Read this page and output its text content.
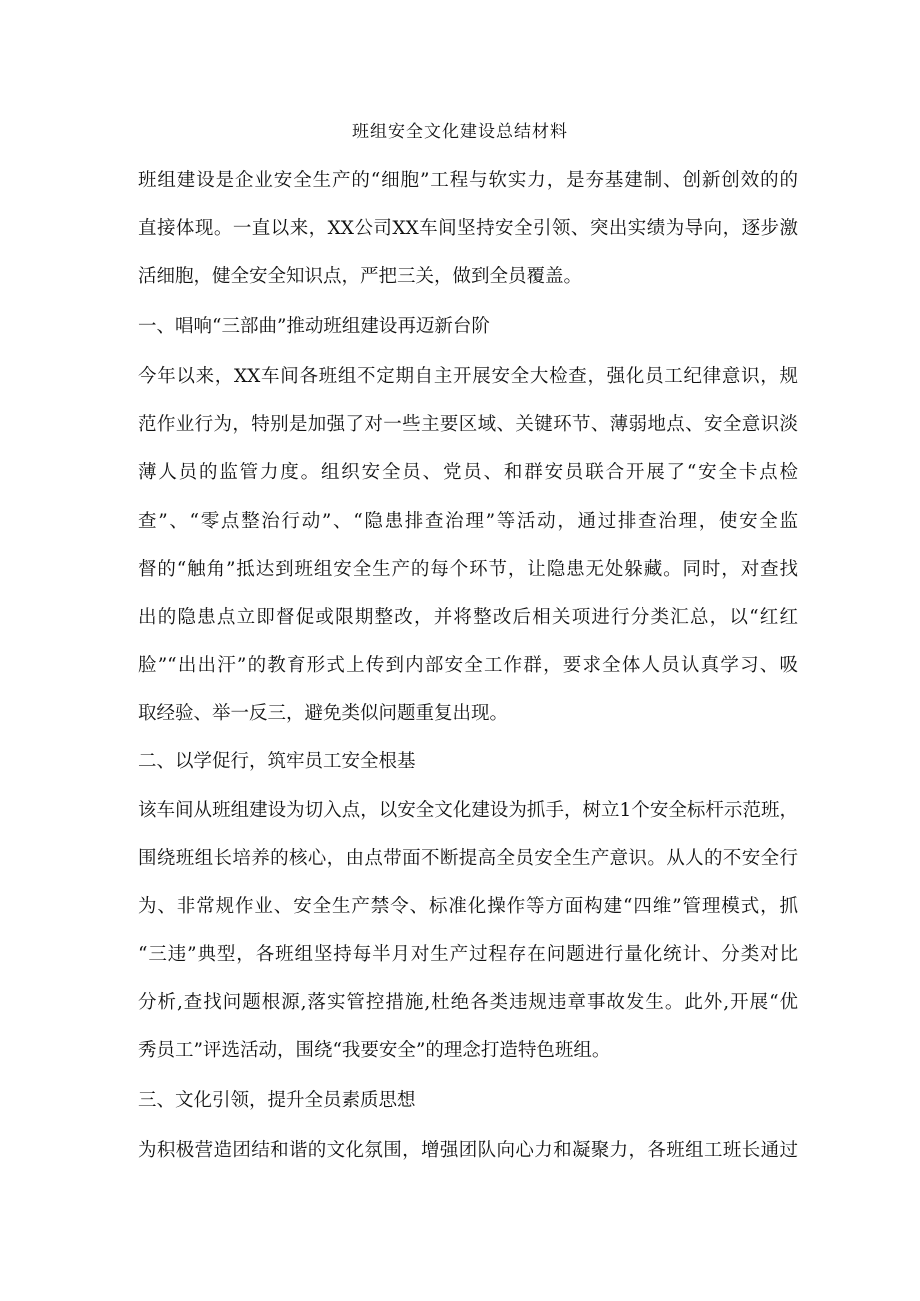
班组安全文化建设总结材料
班组建设是企业安全生产的“细胞”工程与软实力，是夯基建制、创新创效的的
直接体现。一直以来，XX公司XX车间坚持安全引领、突出实绩为导向，逐步激
活细胞，健全安全知识点，严把三关，做到全员覆盖。
一、唱响“三部曲”推动班组建设再迈新台阶
今年以来，XX车间各班组不定期自主开展安全大检查，强化员工纪律意识，规
范作业行为，特别是加强了对一些主要区域、关键环节、薄弱地点、安全意识淡
薄人员的监管力度。组织安全员、党员、和群安员联合开展了“安全卡点检
查”、“零点整治行动”、“隐患排查治理”等活动，通过排查治理，使安全监
督的“触角”抵达到班组安全生产的每个环节，让隐患无处躲藏。同时，对查找
出的隐患点立即督促或限期整改，并将整改后相关项进行分类汇总，以“红红
脸”“出出汗”的教育形式上传到内部安全工作群，要求全体人员认真学习、吸
取经验、举一反三，避免类似问题重复出现。
二、以学促行，筑牢员工安全根基
该车间从班组建设为切入点，以安全文化建设为抓手，树立1个安全标杆示范班，
围绕班组长培养的核心，由点带面不断提高全员安全生产意识。从人的不安全行
为、非常规作业、安全生产禁令、标准化操作等方面构建“四维”管理模式，抓
“三违”典型，各班组坚持每半月对生产过程存在问题进行量化统计、分类对比
分析,查找问题根源,落实管控措施,杜绝各类违规违章事故发生。此外,开展“优
秀员工”评选活动，围绕“我要安全”的理念打造特色班组。
三、文化引领，提升全员素质思想
为积极营造团结和谐的文化氛围，增强团队向心力和凝聚力，各班组工班长通过
